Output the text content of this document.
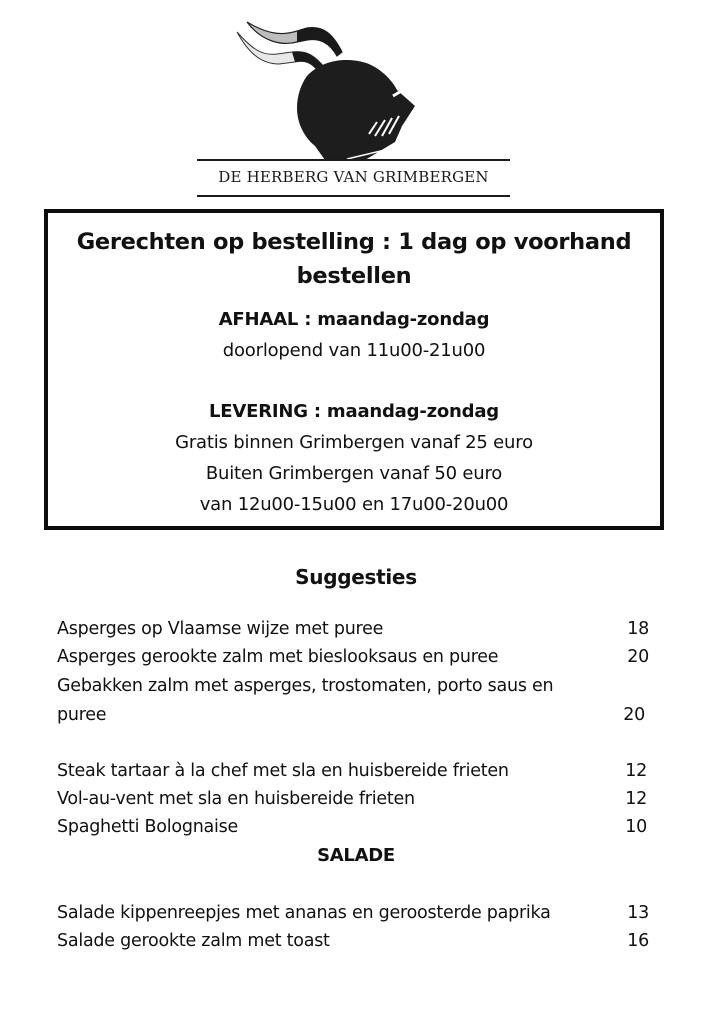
DE HERBERG VAN GRIMBERGEN
Gerechten op bestelling : 1 dag op voorhand
bestellen
AFHAAL : maandag-zondag
doorlopend van 11u00-21u00
LEVERING : maandag-zondag
Gratis binnen Grimbergen vanaf 25 euro
Buiten Grimbergen vanaf 50 euro
van 12u00-15u00 en 17u00-20u00
Suggesties
Asperges op Vlaamse wijze met puree	18
Asperges gerookte zalm met bieslooksaus en puree	20
Gebakken zalm met asperges, trostomaten, porto saus en
puree	20
Steak tartaar à la chef met sla en huisbereide frieten	12
Vol-au-vent met sla en huisbereide frieten	12
Spaghetti Bolognaise	10
SALADE
Salade kippenreepjes met ananas en geroosterde paprika	13
Salade gerookte zalm met toast	16
